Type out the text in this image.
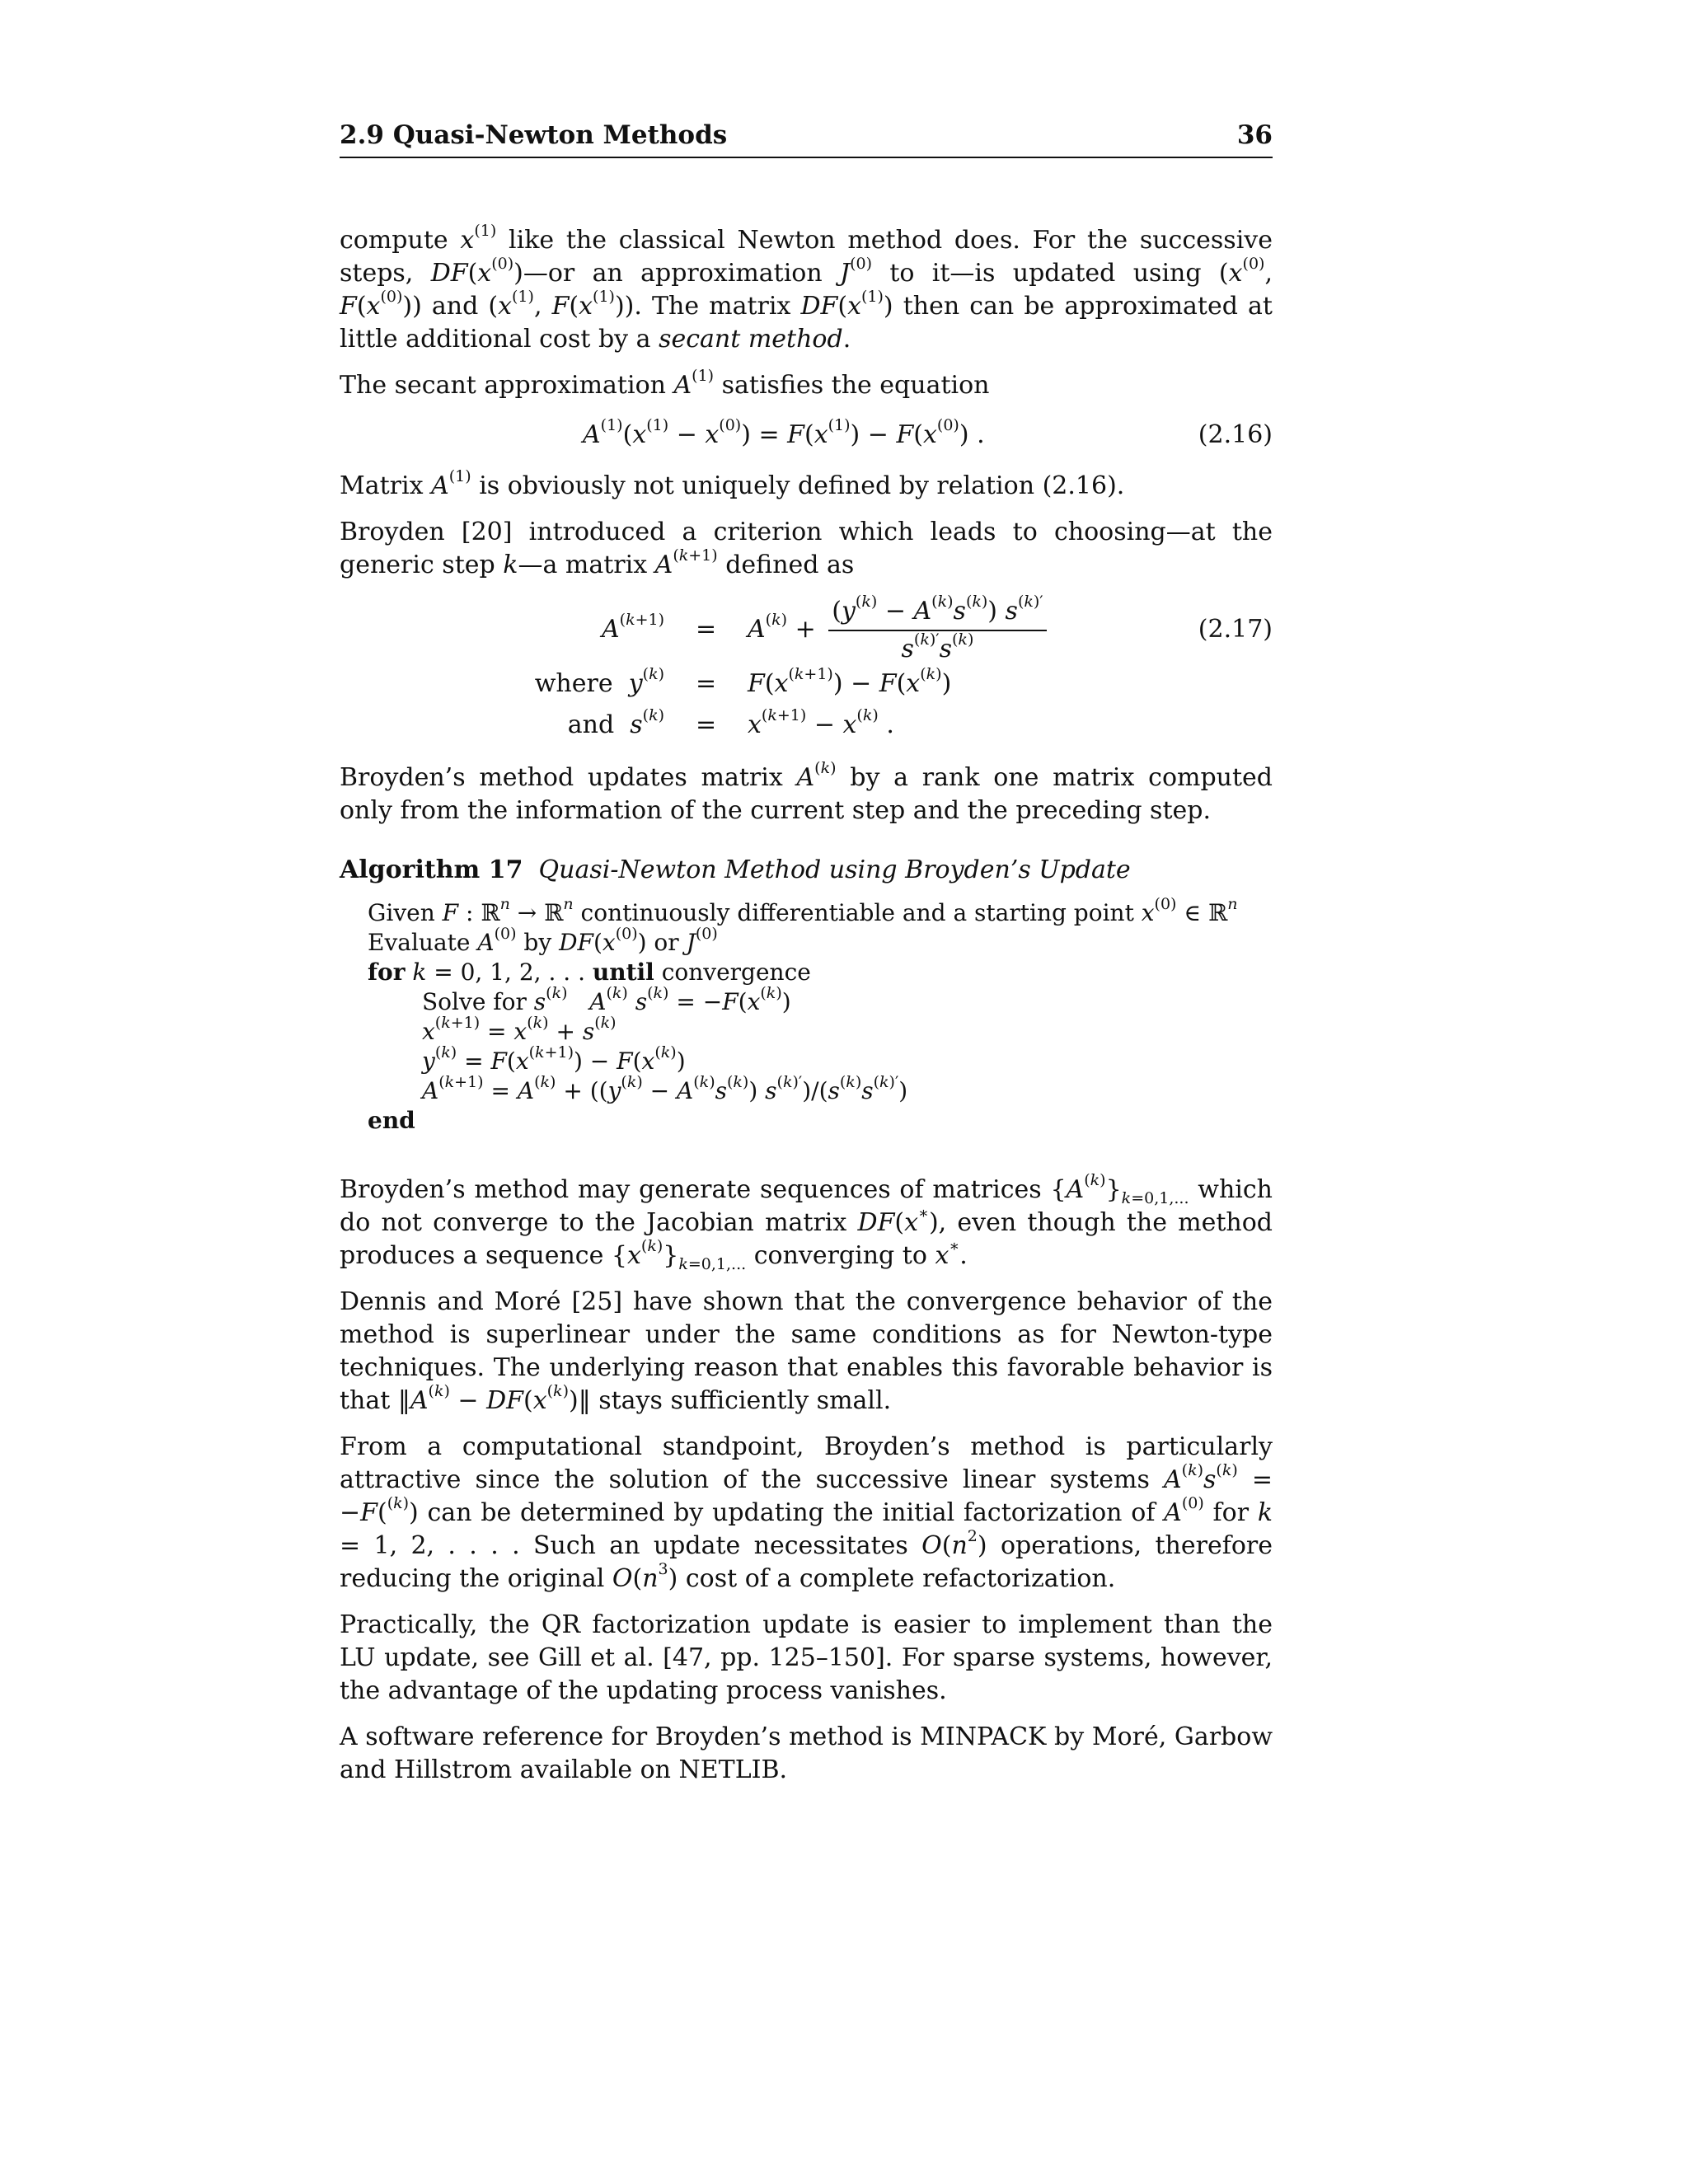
2.9 Quasi-Newton Methods	36

compute $x^{(1)}$ like the classical Newton method does. For the successive steps, $DF(x^{(0)})—or$ an approximation $J^{(0)}$ to it—is updated using ($x^{(0)}$, $F(x^{(0)})$) and ($x^{(1)}$, $F(x^{(1)})$). The matrix $DF(x^{(1)})$ then can be approximated at little additional cost by a secant method.

The secant approximation $A^{(1)}$ satisfies the equation

$A^{(1)}(x^{(1)} - x^{(0)}) = F(x^{(1)}) - F(x^{(0)})$ .	(2.16)

Matrix $A^{(1)}$ is obviously not uniquely defined by relation (2.16).

Broyden [20] introduced a criterion which leads to choosing—at the generic step k—a matrix $A^{(k+1)}$ defined as

$A^{(k+1)} = A^{(k)} + \frac{(y^{(k)} - A^{(k)}s^{(k)}) s^{(k)'}}{s^{(k)'}s^{(k)}}$	(2.17)
where $y^{(k)} = F(x^{(k+1)}) - F(x^{(k)})$
and $s^{(k)} = x^{(k+1)} - x^{(k)}$ .

Broyden’s method updates matrix $A^{(k)}$ by a rank one matrix computed only from the information of the current step and the preceding step.

Algorithm 17 Quasi-Newton Method using Broyden’s Update
Given F : ℝ$^n$ → ℝ$^n$ continuously differentiable and a starting point $x^{(0)}$ ∈ ℝ$^n$
Evaluate $A^{(0)}$ by $DF(x^{(0)})$ or $J^{(0)}$
for k = 0, 1, 2, . . . until convergence
Solve for $s^{(k)}$ $A^{(k)}$ $s^{(k)} = -F(x^{(k)})$
$x^{(k+1)} = x^{(k)} + s^{(k)}$
$y^{(k)} = F(x^{(k+1)}) - F(x^{(k)})$
$A^{(k+1)} = A^{(k)} + ((y^{(k)} - A^{(k)}s^{(k)})$ $s^{(k)'})/(s^{(k)}s^{(k)'})$
end

Broyden’s method may generate sequences of matrices $\{A^{(k)}\}_{k=0,1,...}$ which do not converge to the Jacobian matrix DF(x∗), even though the method produces a sequence $\{x^{(k)}\}_{k=0,1,...}$ converging to x∗.

Dennis and Moré [25] have shown that the convergence behavior of the method is superlinear under the same conditions as for Newton-type techniques. The underlying reason that enables this favorable behavior is that $‖A^{(k)}$ − $DF(x^{(k)})‖$ stays sufficiently small.

From a computational standpoint, Broyden’s method is particularly attractive since the solution of the successive linear systems $A^{(k)}s^{(k)} = -F(^{(k)})$ can be determined by updating the initial factorization of $A^{(0)}$ for k = 1, 2, . . . . Such an update necessitates $O(n^2)$ operations, therefore reducing the original $O(n^3)$ cost of a complete refactorization.

Practically, the QR factorization update is easier to implement than the LU update, see Gill et al. [47, pp. 125–150]. For sparse systems, however, the advantage of the updating process vanishes.

A software reference for Broyden’s method is MINPACK by Moré, Garbow and Hillstrom available on NETLIB.
